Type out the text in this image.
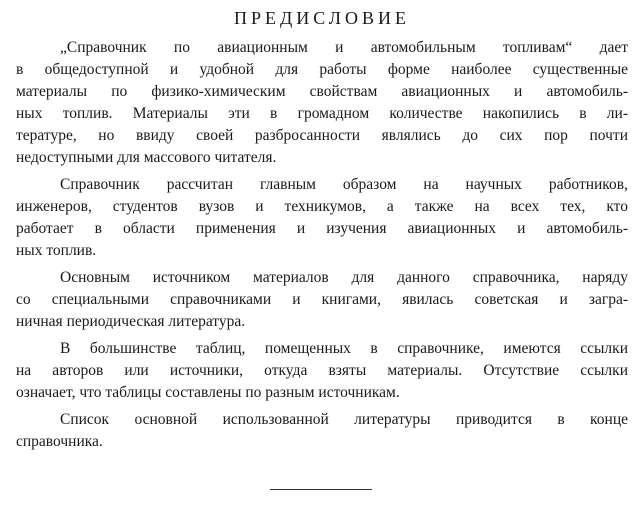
ПРЕДИСЛОВИЕ
„Справочник по авиационным и автомобильным топливам“ дает
в общедоступной и удобной для работы форме наиболее существенные
материалы по физико-химическим свойствам авиационных и автомобиль-
ных топлив. Материалы эти в громадном количестве накопились в ли-
тературе, но ввиду своей разбросанности являлись до сих пор почти
недоступными для массового читателя.
Справочник рассчитан главным образом на научных работников,
инженеров, студентов вузов и техникумов, а также на всех тех, кто
работает в области применения и изучения авиационных и автомобиль-
ных топлив.
Основным источником материалов для данного справочника, наряду
со специальными справочниками и книгами, явилась советская и загра-
ничная периодическая литература.
В большинстве таблиц, помещенных в справочнике, имеются ссылки
на авторов или источники, откуда взяты материалы. Отсутствие ссылки
означает, что таблицы составлены по разным источникам.
Список основной использованной литературы приводится в конце
справочника.
